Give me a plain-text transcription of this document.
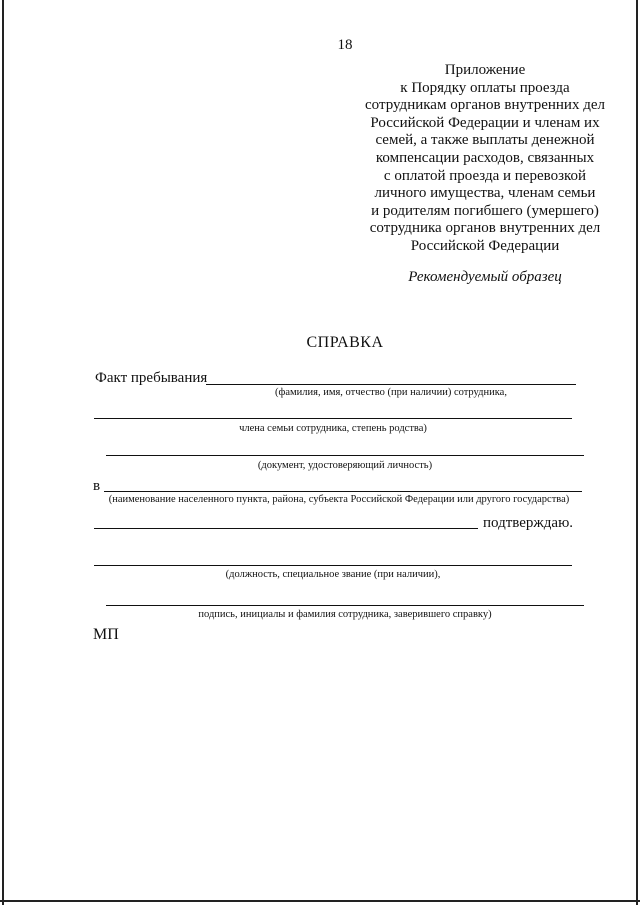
18
Приложение
к Порядку оплаты проезда
сотрудникам органов внутренних дел
Российской Федерации и членам их
семей, а также выплаты денежной
компенсации расходов, связанных
с оплатой проезда и перевозкой
личного имущества, членам семьи
и родителям погибшего (умершего)
сотрудника органов внутренних дел
Российской Федерации
Рекомендуемый образец
СПРАВКА
Факт пребывания
(фамилия, имя, отчество (при наличии) сотрудника,
члена семьи сотрудника, степень родства)
(документ, удостоверяющий личность)
в
(наименование населенного пункта, района, субъекта Российской Федерации или другого государства)
подтверждаю.
(должность, специальное звание (при наличии),
подпись, инициалы и фамилия сотрудника, заверившего справку)
МП
